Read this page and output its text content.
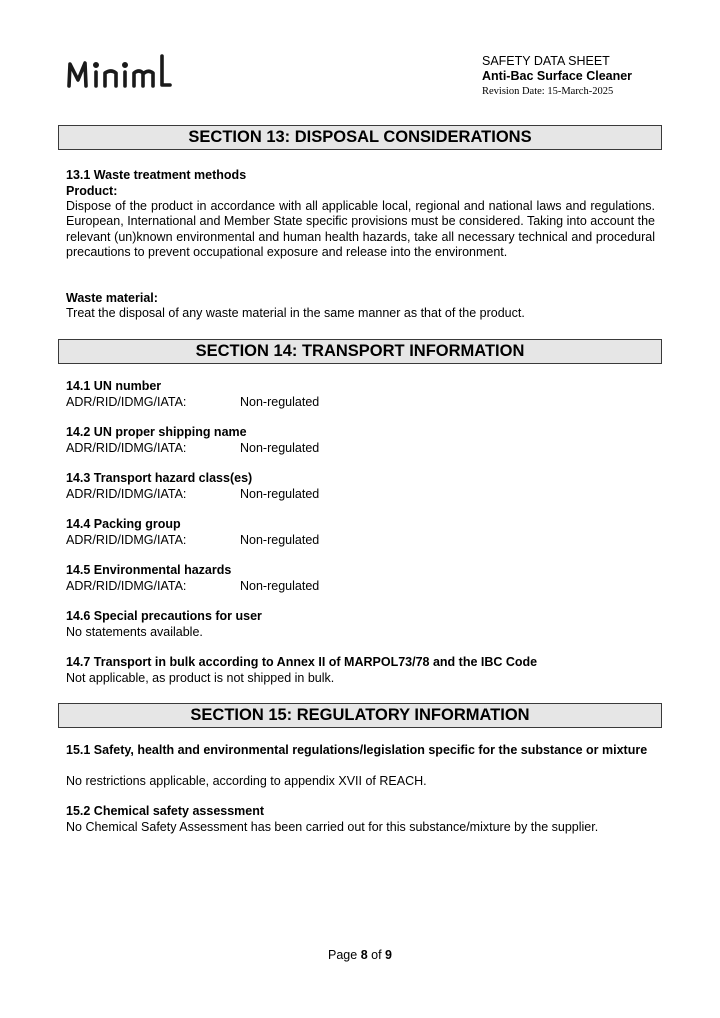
SAFETY DATA SHEET
Anti-Bac Surface Cleaner
Revision Date: 15-March-2025
SECTION 13: DISPOSAL CONSIDERATIONS
13.1 Waste treatment methods
Product:
Dispose of the product in accordance with all applicable local, regional and national laws and regulations. European, International and Member State specific provisions must be considered. Taking into account the relevant (un)known environmental and human health hazards, take all necessary technical and procedural precautions to prevent occupational exposure and release into the environment.
Waste material:
Treat the disposal of any waste material in the same manner as that of the product.
SECTION 14: TRANSPORT INFORMATION
14.1 UN number
ADR/RID/IDMG/IATA:	Non-regulated
14.2 UN proper shipping name
ADR/RID/IDMG/IATA:	Non-regulated
14.3 Transport hazard class(es)
ADR/RID/IDMG/IATA:	Non-regulated
14.4 Packing group
ADR/RID/IDMG/IATA:	Non-regulated
14.5 Environmental hazards
ADR/RID/IDMG/IATA:	Non-regulated
14.6 Special precautions for user
No statements available.
14.7 Transport in bulk according to Annex II of MARPOL73/78 and the IBC Code
Not applicable, as product is not shipped in bulk.
SECTION 15: REGULATORY INFORMATION
15.1 Safety, health and environmental regulations/legislation specific for the substance or mixture
No restrictions applicable, according to appendix XVII of REACH.
15.2 Chemical safety assessment
No Chemical Safety Assessment has been carried out for this substance/mixture by the supplier.
Page 8 of 9
